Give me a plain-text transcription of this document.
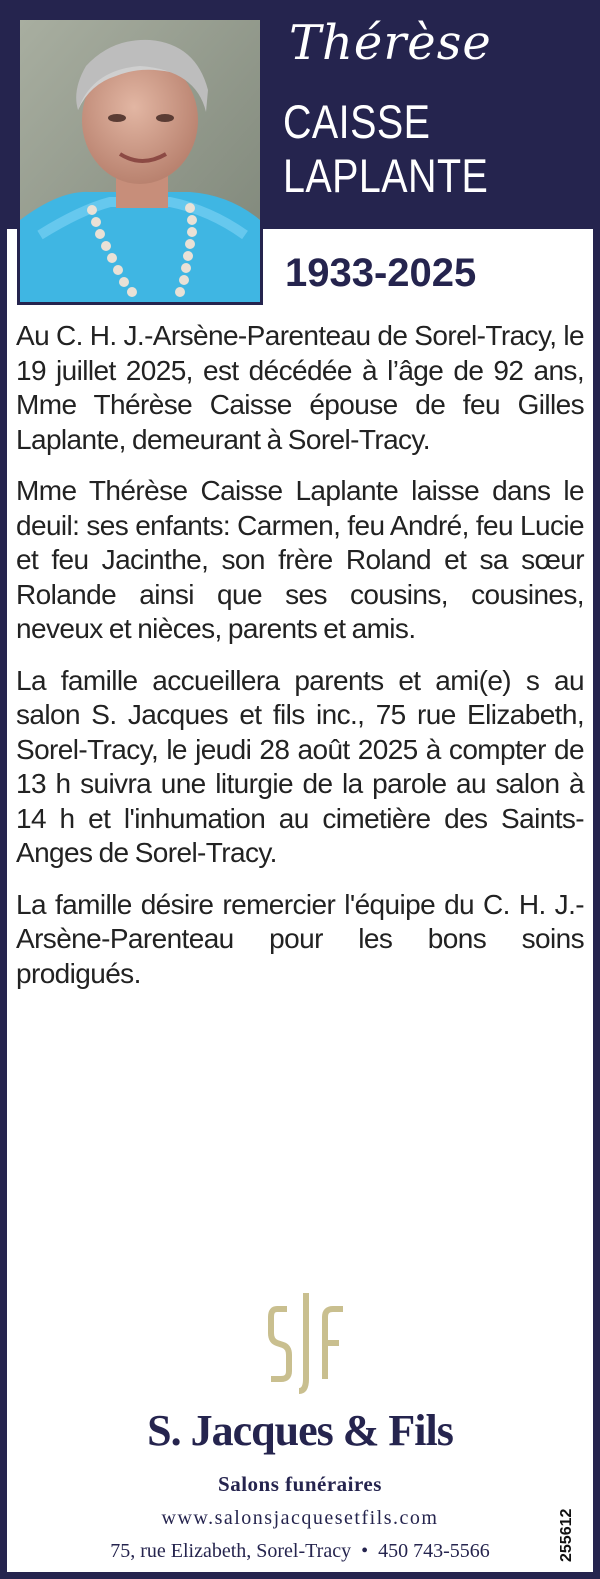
Thérèse
CAISSE
LAPLANTE
1933-2025

Au C. H. J.-Arsène-Parenteau de Sorel-Tracy, le 19 juillet 2025, est décédée à l’âge de 92 ans, Mme Thérèse Caisse épouse de feu Gilles Laplante, demeurant à Sorel-Tracy.

Mme Thérèse Caisse Laplante laisse dans le deuil: ses enfants: Carmen, feu André, feu Lucie et feu Jacinthe, son frère Roland et sa sœur Rolande ainsi que ses cousins, cousines, neveux et nièces, parents et amis.

La famille accueillera parents et ami(e) s au salon S. Jacques et fils inc., 75 rue Elizabeth, Sorel-Tracy, le jeudi 28 août 2025 à compter de 13 h suivra une liturgie de la parole au salon à 14 h et l'inhumation au cimetière des Saints-Anges de Sorel-Tracy.

La famille désire remercier l'équipe du C. H. J.-Arsène-Parenteau pour les bons soins prodigués.

S. Jacques & Fils
Salons funéraires
www.salonsjacquesetfils.com
75, rue Elizabeth, Sorel-Tracy • 450 743-5566	255612
